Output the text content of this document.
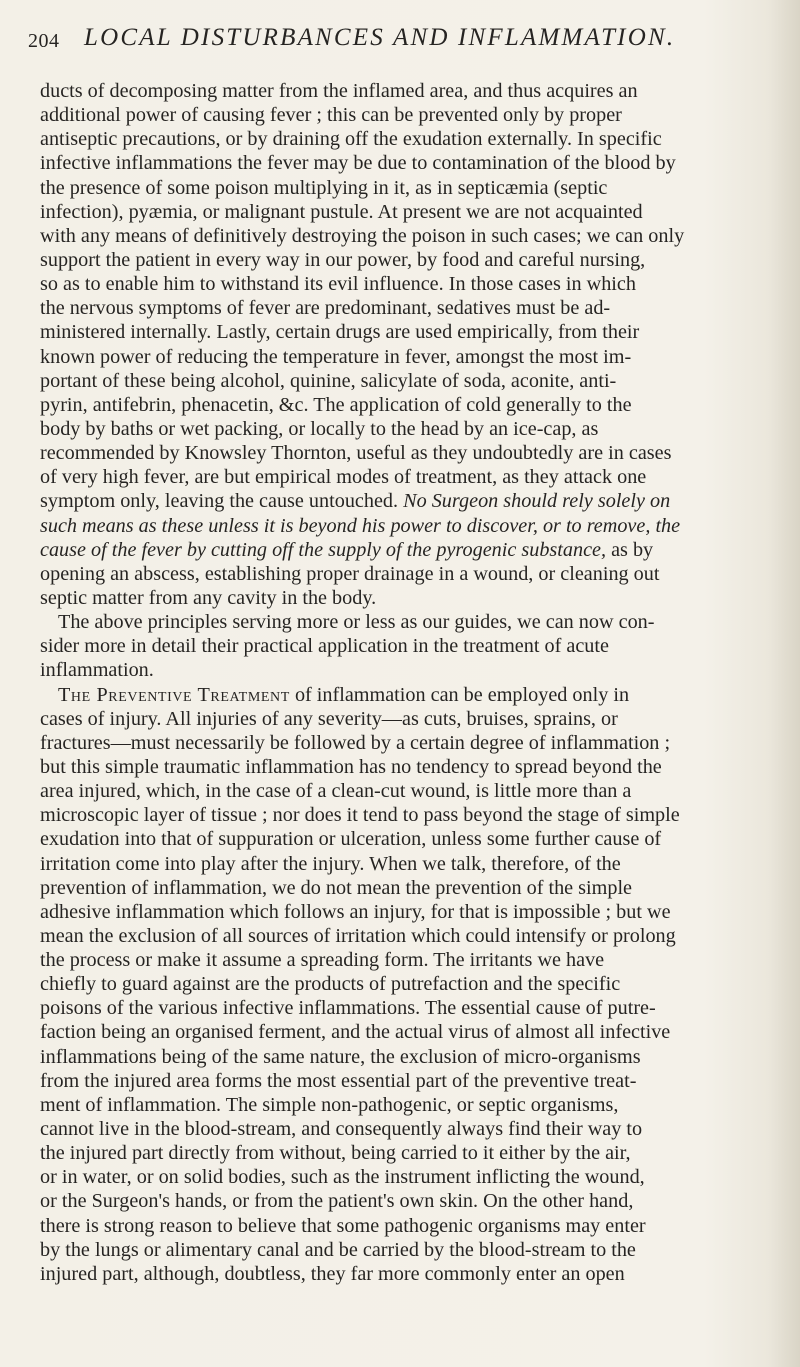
204 LOCAL DISTURBANCES AND INFLAMMATION.
ducts of decomposing matter from the inflamed area, and thus acquires an
additional power of causing fever ; this can be prevented only by proper
antiseptic precautions, or by draining off the exudation externally. In specific
infective inflammations the fever may be due to contamination of the blood by
the presence of some poison multiplying in it, as in septicæmia (septic
infection), pyæmia, or malignant pustule. At present we are not acquainted
with any means of definitively destroying the poison in such cases; we can only
support the patient in every way in our power, by food and careful nursing,
so as to enable him to withstand its evil influence. In those cases in which
the nervous symptoms of fever are predominant, sedatives must be ad-
ministered internally. Lastly, certain drugs are used empirically, from their
known power of reducing the temperature in fever, amongst the most im-
portant of these being alcohol, quinine, salicylate of soda, aconite, anti-
pyrin, antifebrin, phenacetin, &c. The application of cold generally to the
body by baths or wet packing, or locally to the head by an ice-cap, as
recommended by Knowsley Thornton, useful as they undoubtedly are in cases
of very high fever, are but empirical modes of treatment, as they attack one
symptom only, leaving the cause untouched. No Surgeon should rely solely on
such means as these unless it is beyond his power to discover, or to remove, the
cause of the fever by cutting off the supply of the pyrogenic substance, as by
opening an abscess, establishing proper drainage in a wound, or cleaning out
septic matter from any cavity in the body.
The above principles serving more or less as our guides, we can now con-
sider more in detail their practical application in the treatment of acute
inflammation.
The Preventive Treatment of inflammation can be employed only in
cases of injury. All injuries of any severity—as cuts, bruises, sprains, or
fractures—must necessarily be followed by a certain degree of inflammation ;
but this simple traumatic inflammation has no tendency to spread beyond the
area injured, which, in the case of a clean-cut wound, is little more than a
microscopic layer of tissue ; nor does it tend to pass beyond the stage of simple
exudation into that of suppuration or ulceration, unless some further cause of
irritation come into play after the injury. When we talk, therefore, of the
prevention of inflammation, we do not mean the prevention of the simple
adhesive inflammation which follows an injury, for that is impossible ; but we
mean the exclusion of all sources of irritation which could intensify or prolong
the process or make it assume a spreading form. The irritants we have
chiefly to guard against are the products of putrefaction and the specific
poisons of the various infective inflammations. The essential cause of putre-
faction being an organised ferment, and the actual virus of almost all infective
inflammations being of the same nature, the exclusion of micro-organisms
from the injured area forms the most essential part of the preventive treat-
ment of inflammation. The simple non-pathogenic, or septic organisms,
cannot live in the blood-stream, and consequently always find their way to
the injured part directly from without, being carried to it either by the air,
or in water, or on solid bodies, such as the instrument inflicting the wound,
or the Surgeon's hands, or from the patient's own skin. On the other hand,
there is strong reason to believe that some pathogenic organisms may enter
by the lungs or alimentary canal and be carried by the blood-stream to the
injured part, although, doubtless, they far more commonly enter an open
